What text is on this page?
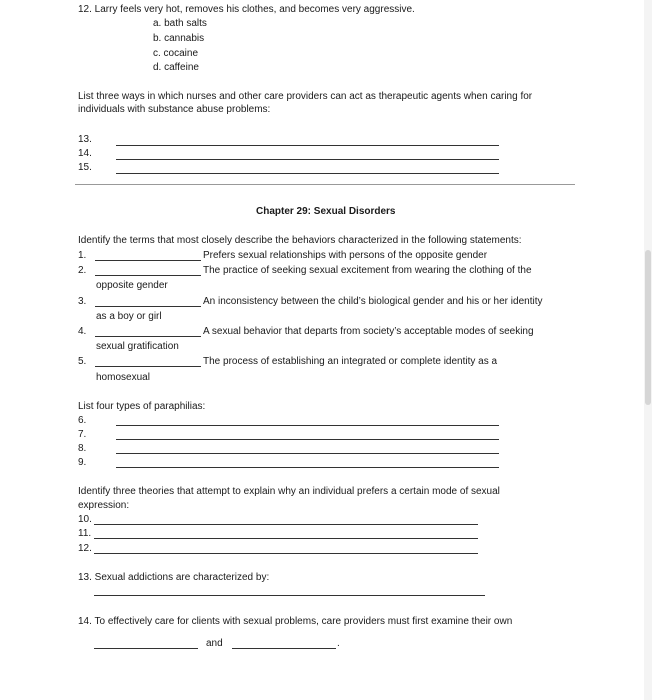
12. Larry feels very hot, removes his clothes, and becomes very aggressive.
a. bath salts
b. cannabis
c. cocaine
d. caffeine
List three ways in which nurses and other care providers can act as therapeutic agents when caring for
individuals with substance abuse problems:
13.
14.
15.
Chapter 29: Sexual Disorders
Identify the terms that most closely describe the behaviors characterized in the following statements:
1.	Prefers sexual relationships with persons of the opposite gender
2.	The practice of seeking sexual excitement from wearing the clothing of the
opposite gender
3.	An inconsistency between the child’s biological gender and his or her identity
as a boy or girl
4.	A sexual behavior that departs from society’s acceptable modes of seeking
sexual gratification
5.	The process of establishing an integrated or complete identity as a
homosexual
List four types of paraphilias:
6.
7.
8.
9.
Identify three theories that attempt to explain why an individual prefers a certain mode of sexual
expression:
10.
11.
12.
13. Sexual addictions are characterized by:
14. To effectively care for clients with sexual problems, care providers must first examine their own
and	.
